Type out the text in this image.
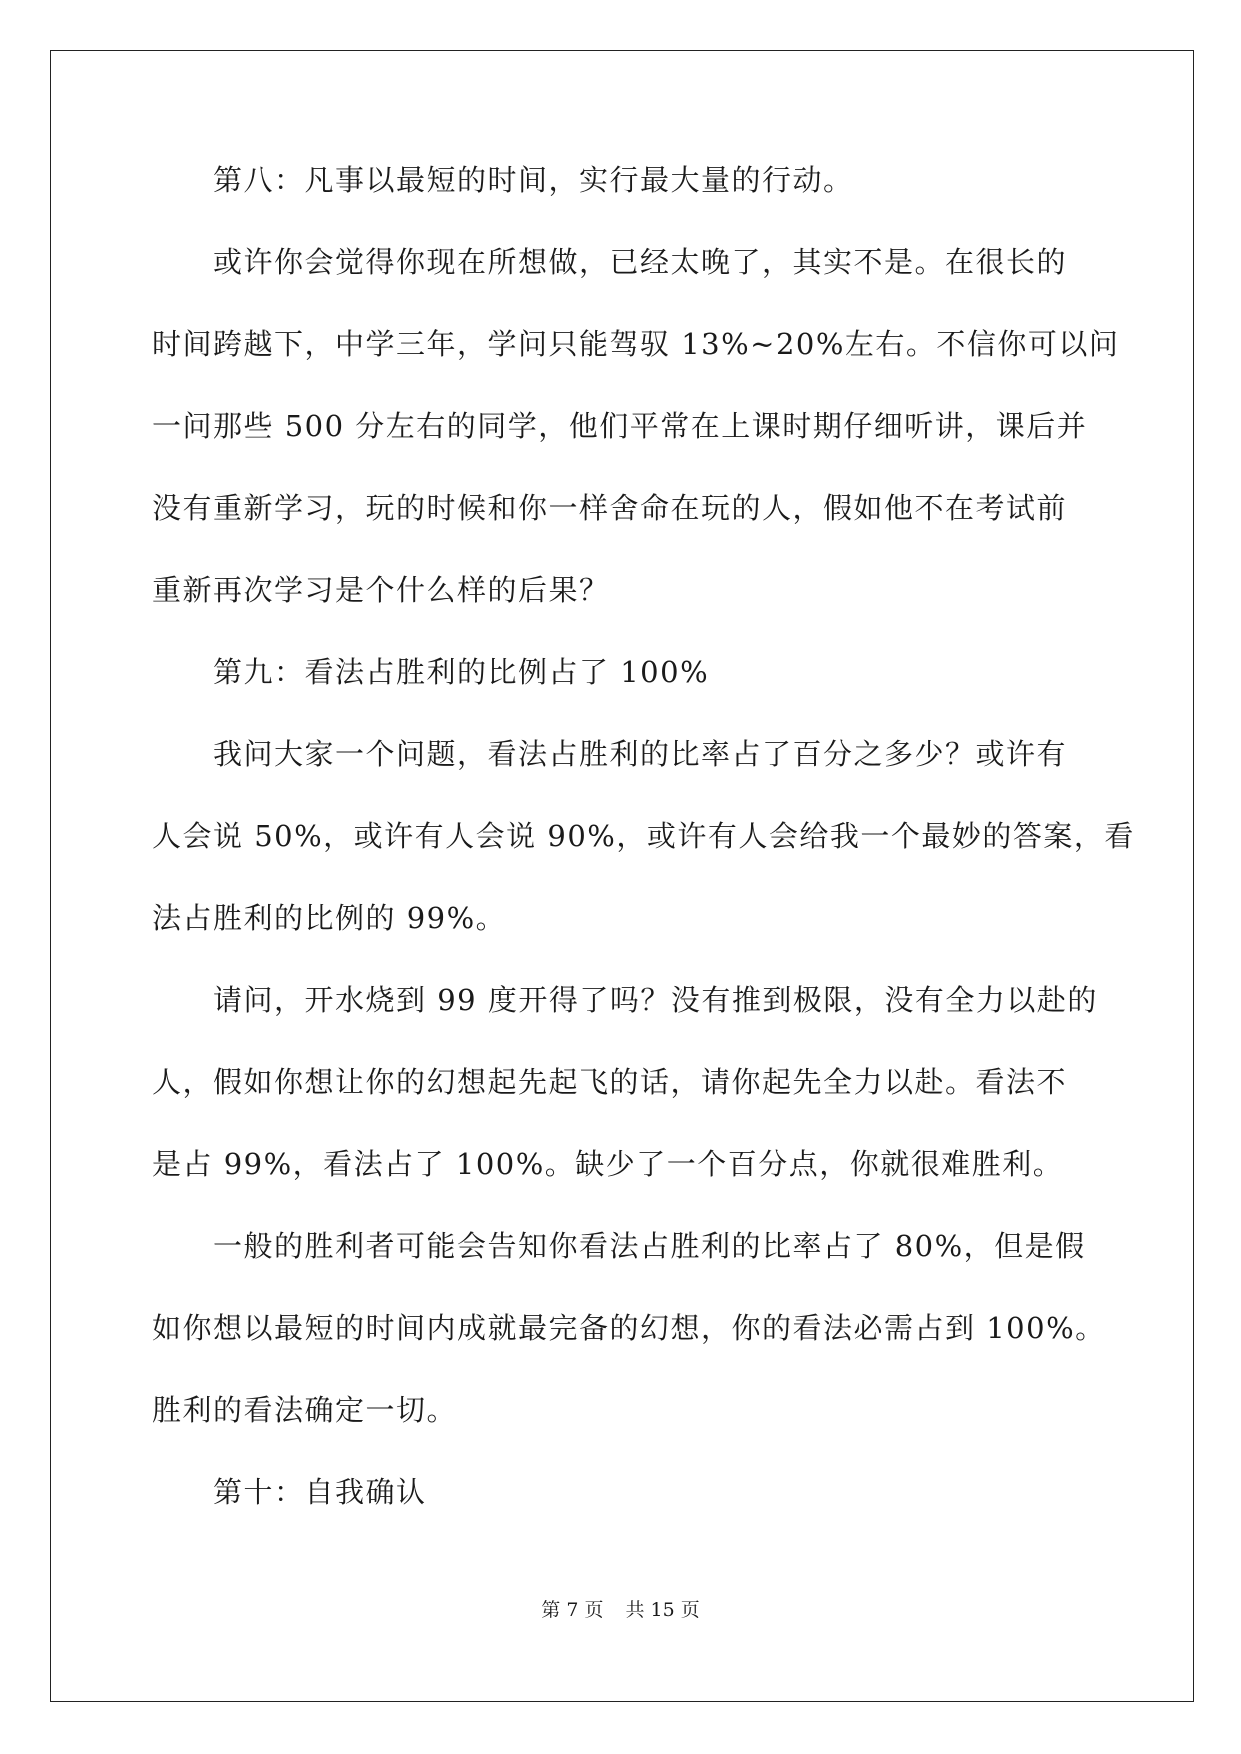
　　第八：凡事以最短的时间，实行最大量的行动。
　　或许你会觉得你现在所想做，已经太晚了，其实不是。在很长的
时间跨越下，中学三年，学问只能驾驭 13%~20%左右。不信你可以问
一问那些 500 分左右的同学，他们平常在上课时期仔细听讲，课后并
没有重新学习，玩的时候和你一样舍命在玩的人，假如他不在考试前
重新再次学习是个什么样的后果？
　　第九：看法占胜利的比例占了 100%
　　我问大家一个问题，看法占胜利的比率占了百分之多少？或许有
人会说 50%，或许有人会说 90%，或许有人会给我一个最妙的答案，看
法占胜利的比例的 99%。
　　请问，开水烧到 99 度开得了吗？没有推到极限，没有全力以赴的
人，假如你想让你的幻想起先起飞的话，请你起先全力以赴。看法不
是占 99%，看法占了 100%。缺少了一个百分点，你就很难胜利。
　　一般的胜利者可能会告知你看法占胜利的比率占了 80%，但是假
如你想以最短的时间内成就最完备的幻想，你的看法必需占到 100%。
胜利的看法确定一切。
　　第十：自我确认
第 7 页 共 15 页
